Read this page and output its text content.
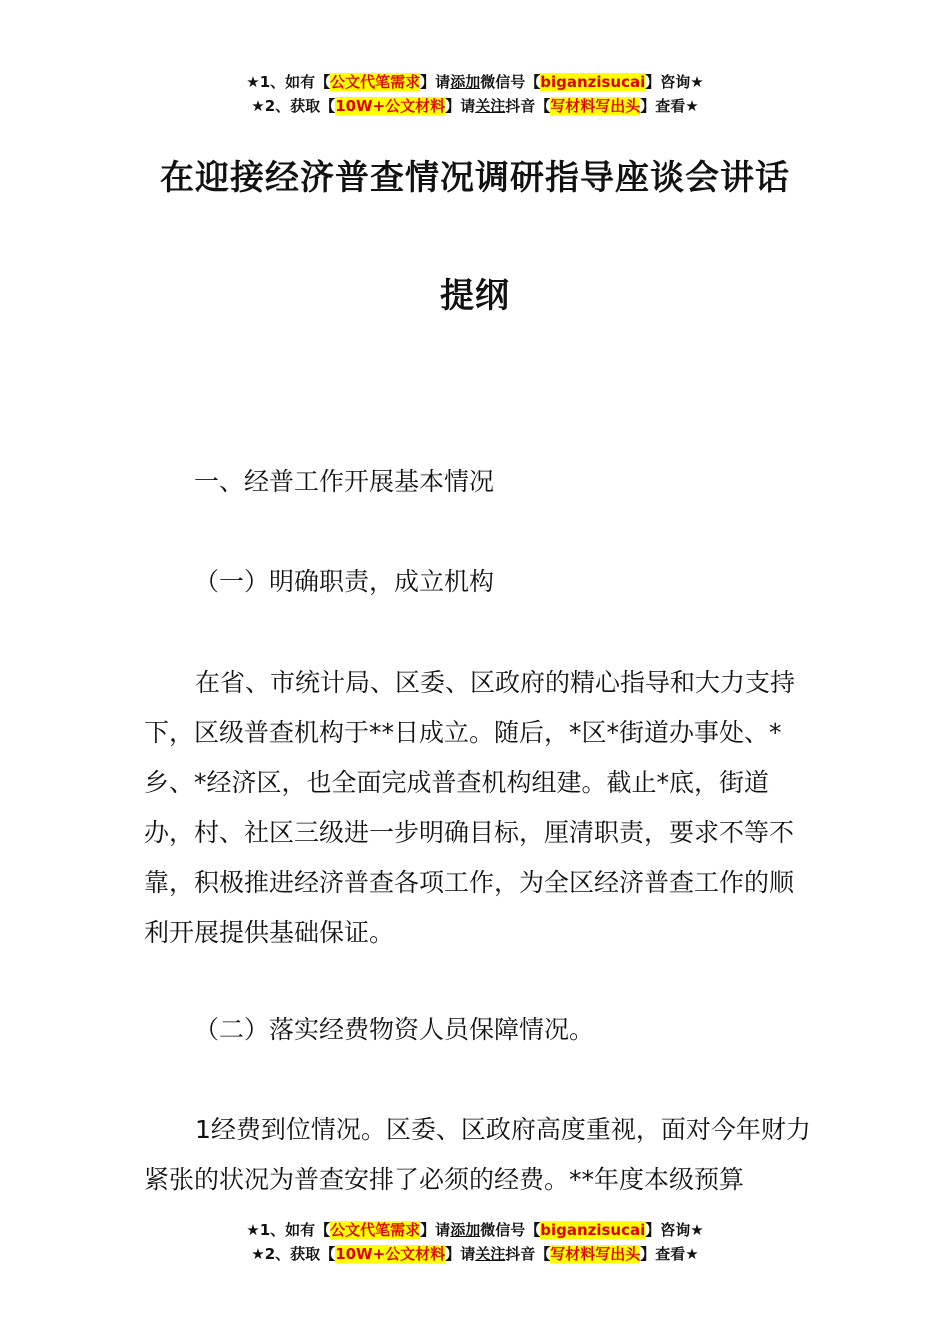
★1、如有【公文代笔需求】请添加微信号【biganzisucai】咨询★
★2、获取【10W+公文材料】请关注抖音【写材料写出头】查看★
在迎接经济普查情况调研指导座谈会讲话
提纲
一、经普工作开展基本情况
（一）明确职责，成立机构
在省、市统计局、区委、区政府的精心指导和大力支持下，区级普查机构于**日成立。随后，*区*街道办事处、*乡、*经济区，也全面完成普查机构组建。截止*底，街道办，村、社区三级进一步明确目标，厘清职责，要求不等不靠，积极推进经济普查各项工作，为全区经济普查工作的顺利开展提供基础保证。
（二）落实经费物资人员保障情况。
1经费到位情况。区委、区政府高度重视，面对今年财力紧张的状况为普查安排了必须的经费。**年度本级预算
★1、如有【公文代笔需求】请添加微信号【biganzisucai】咨询★
★2、获取【10W+公文材料】请关注抖音【写材料写出头】查看★
